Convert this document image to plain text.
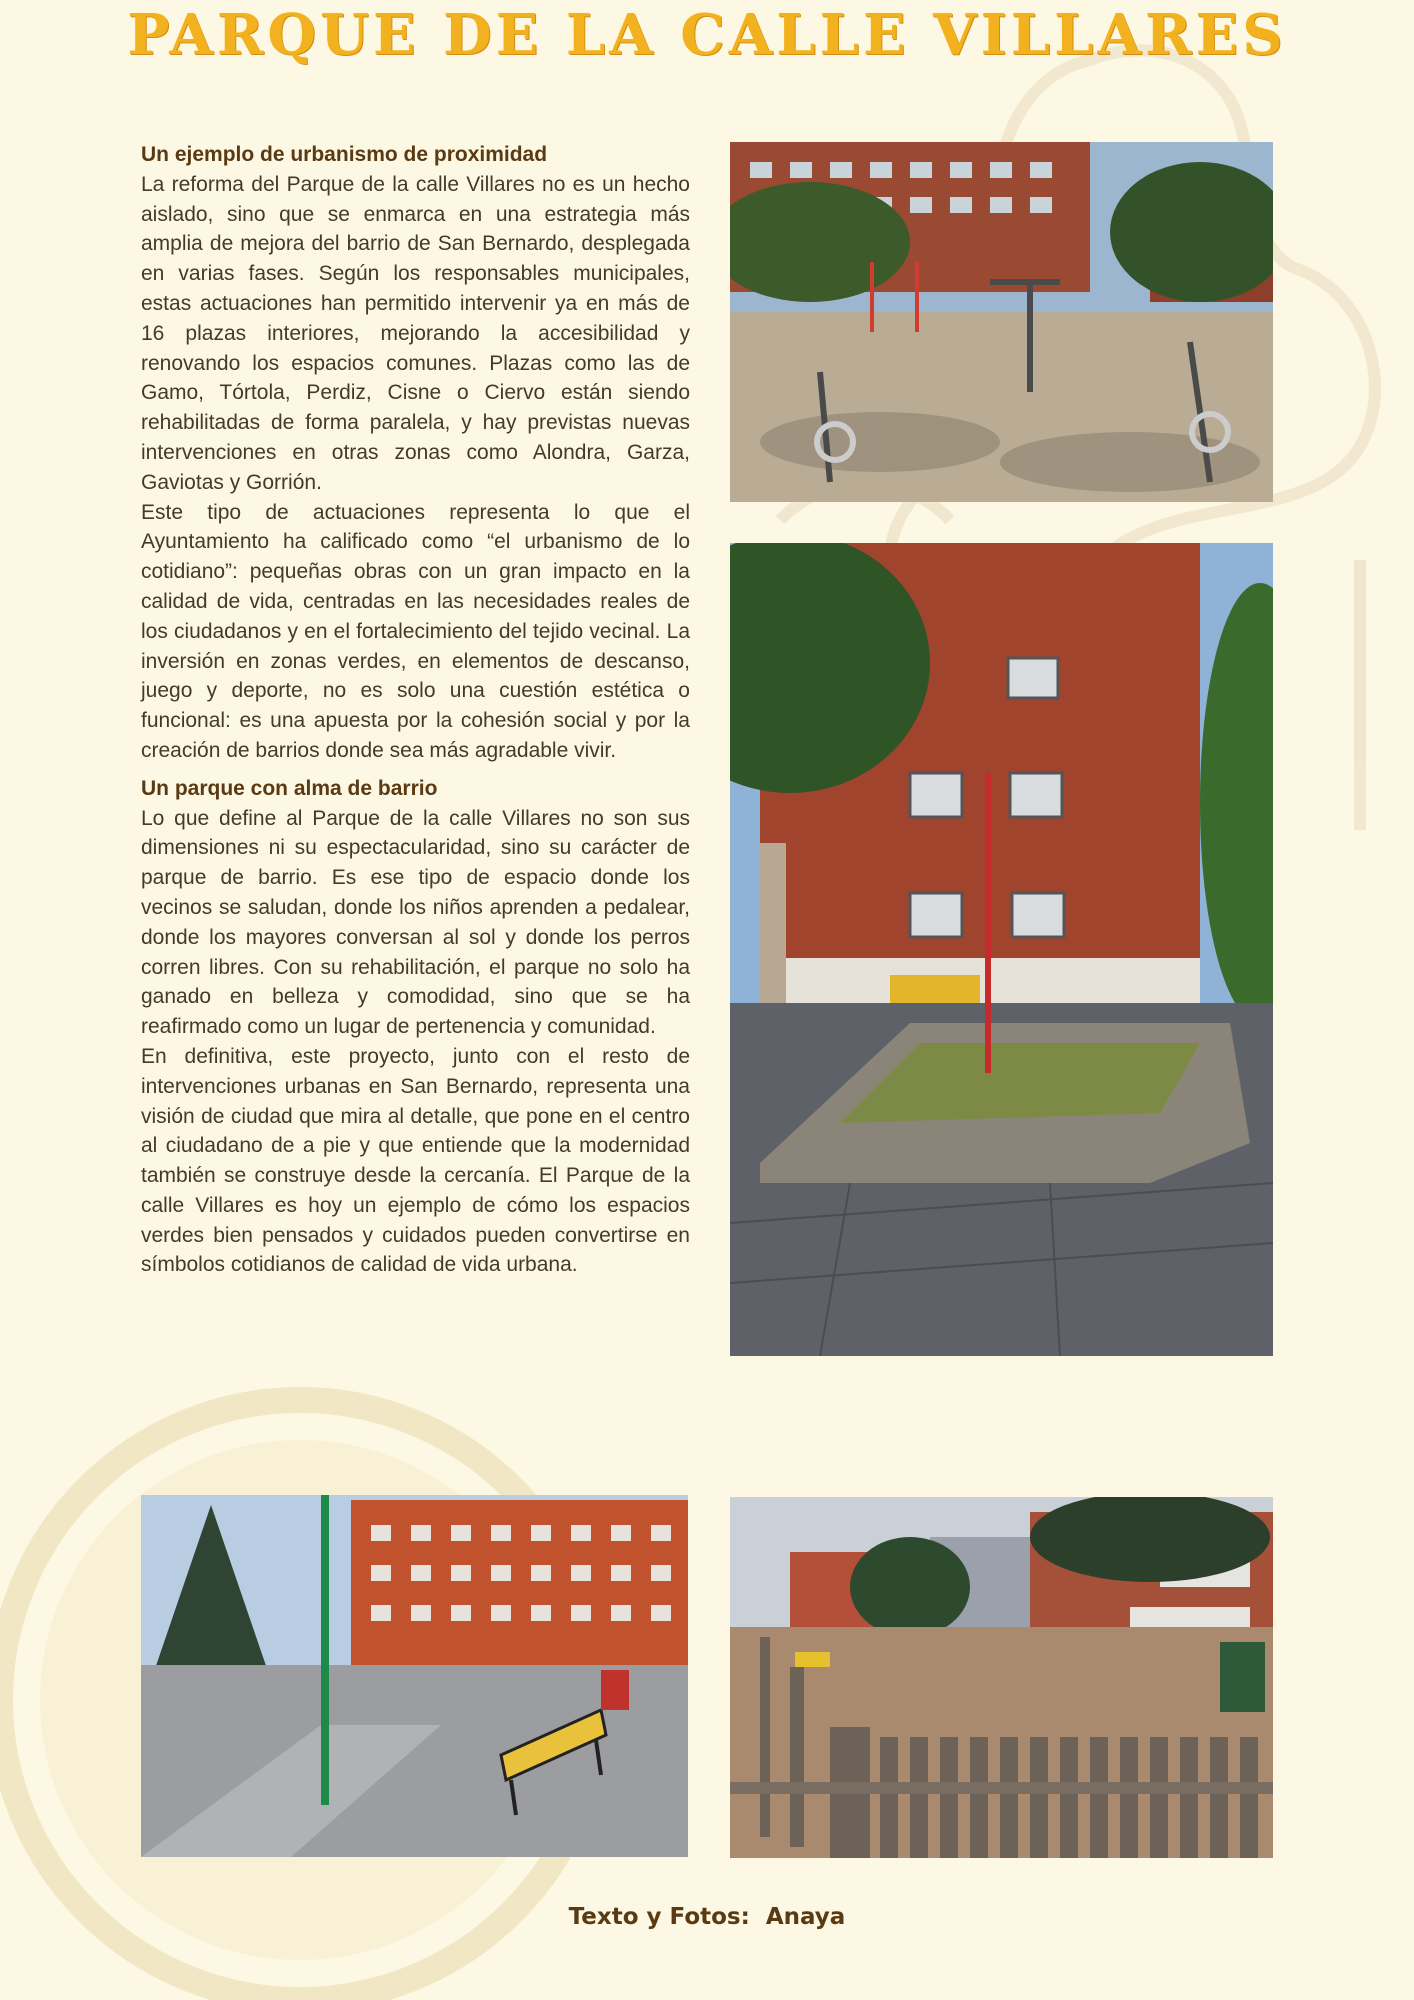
PARQUE DE LA CALLE VILLARES
Un ejemplo de urbanismo de proximidad

La reforma del Parque de la calle Villares no es un hecho aislado, sino que se enmarca en una estrategia más amplia de mejora del barrio de San Bernardo, desplegada en varias fases. Según los responsables municipales, estas actuaciones han permitido intervenir ya en más de 16 plazas interiores, mejorando la accesibilidad y renovando los espacios comunes. Plazas como las de Gamo, Tórtola, Perdiz, Cisne o Ciervo están siendo rehabilitadas de forma paralela, y hay previstas nuevas intervenciones en otras zonas como Alondra, Garza, Gaviotas y Gorrión.

Este tipo de actuaciones representa lo que el Ayuntamiento ha calificado como “el urbanismo de lo cotidiano”: pequeñas obras con un gran impacto en la calidad de vida, centradas en las necesidades reales de los ciudadanos y en el fortalecimiento del tejido vecinal. La inversión en zonas verdes, en elementos de descanso, juego y deporte, no es solo una cuestión estética o funcional: es una apuesta por la cohesión social y por la creación de barrios donde sea más agradable vivir.

Un parque con alma de barrio

Lo que define al Parque de la calle Villares no son sus dimensiones ni su espectacularidad, sino su carácter de parque de barrio. Es ese tipo de espacio donde los vecinos se saludan, donde los niños aprenden a pedalear, donde los mayores conversan al sol y donde los perros corren libres. Con su rehabilitación, el parque no solo ha ganado en belleza y comodidad, sino que se ha reafirmado como un lugar de pertenencia y comunidad.

En definitiva, este proyecto, junto con el resto de intervenciones urbanas en San Bernardo, representa una visión de ciudad que mira al detalle, que pone en el centro al ciudadano de a pie y que entiende que la modernidad también se construye desde la cercanía. El Parque de la calle Villares es hoy un ejemplo de cómo los espacios verdes bien pensados y cuidados pueden convertirse en símbolos cotidianos de calidad de vida urbana.

Texto y Fotos:  Anaya
